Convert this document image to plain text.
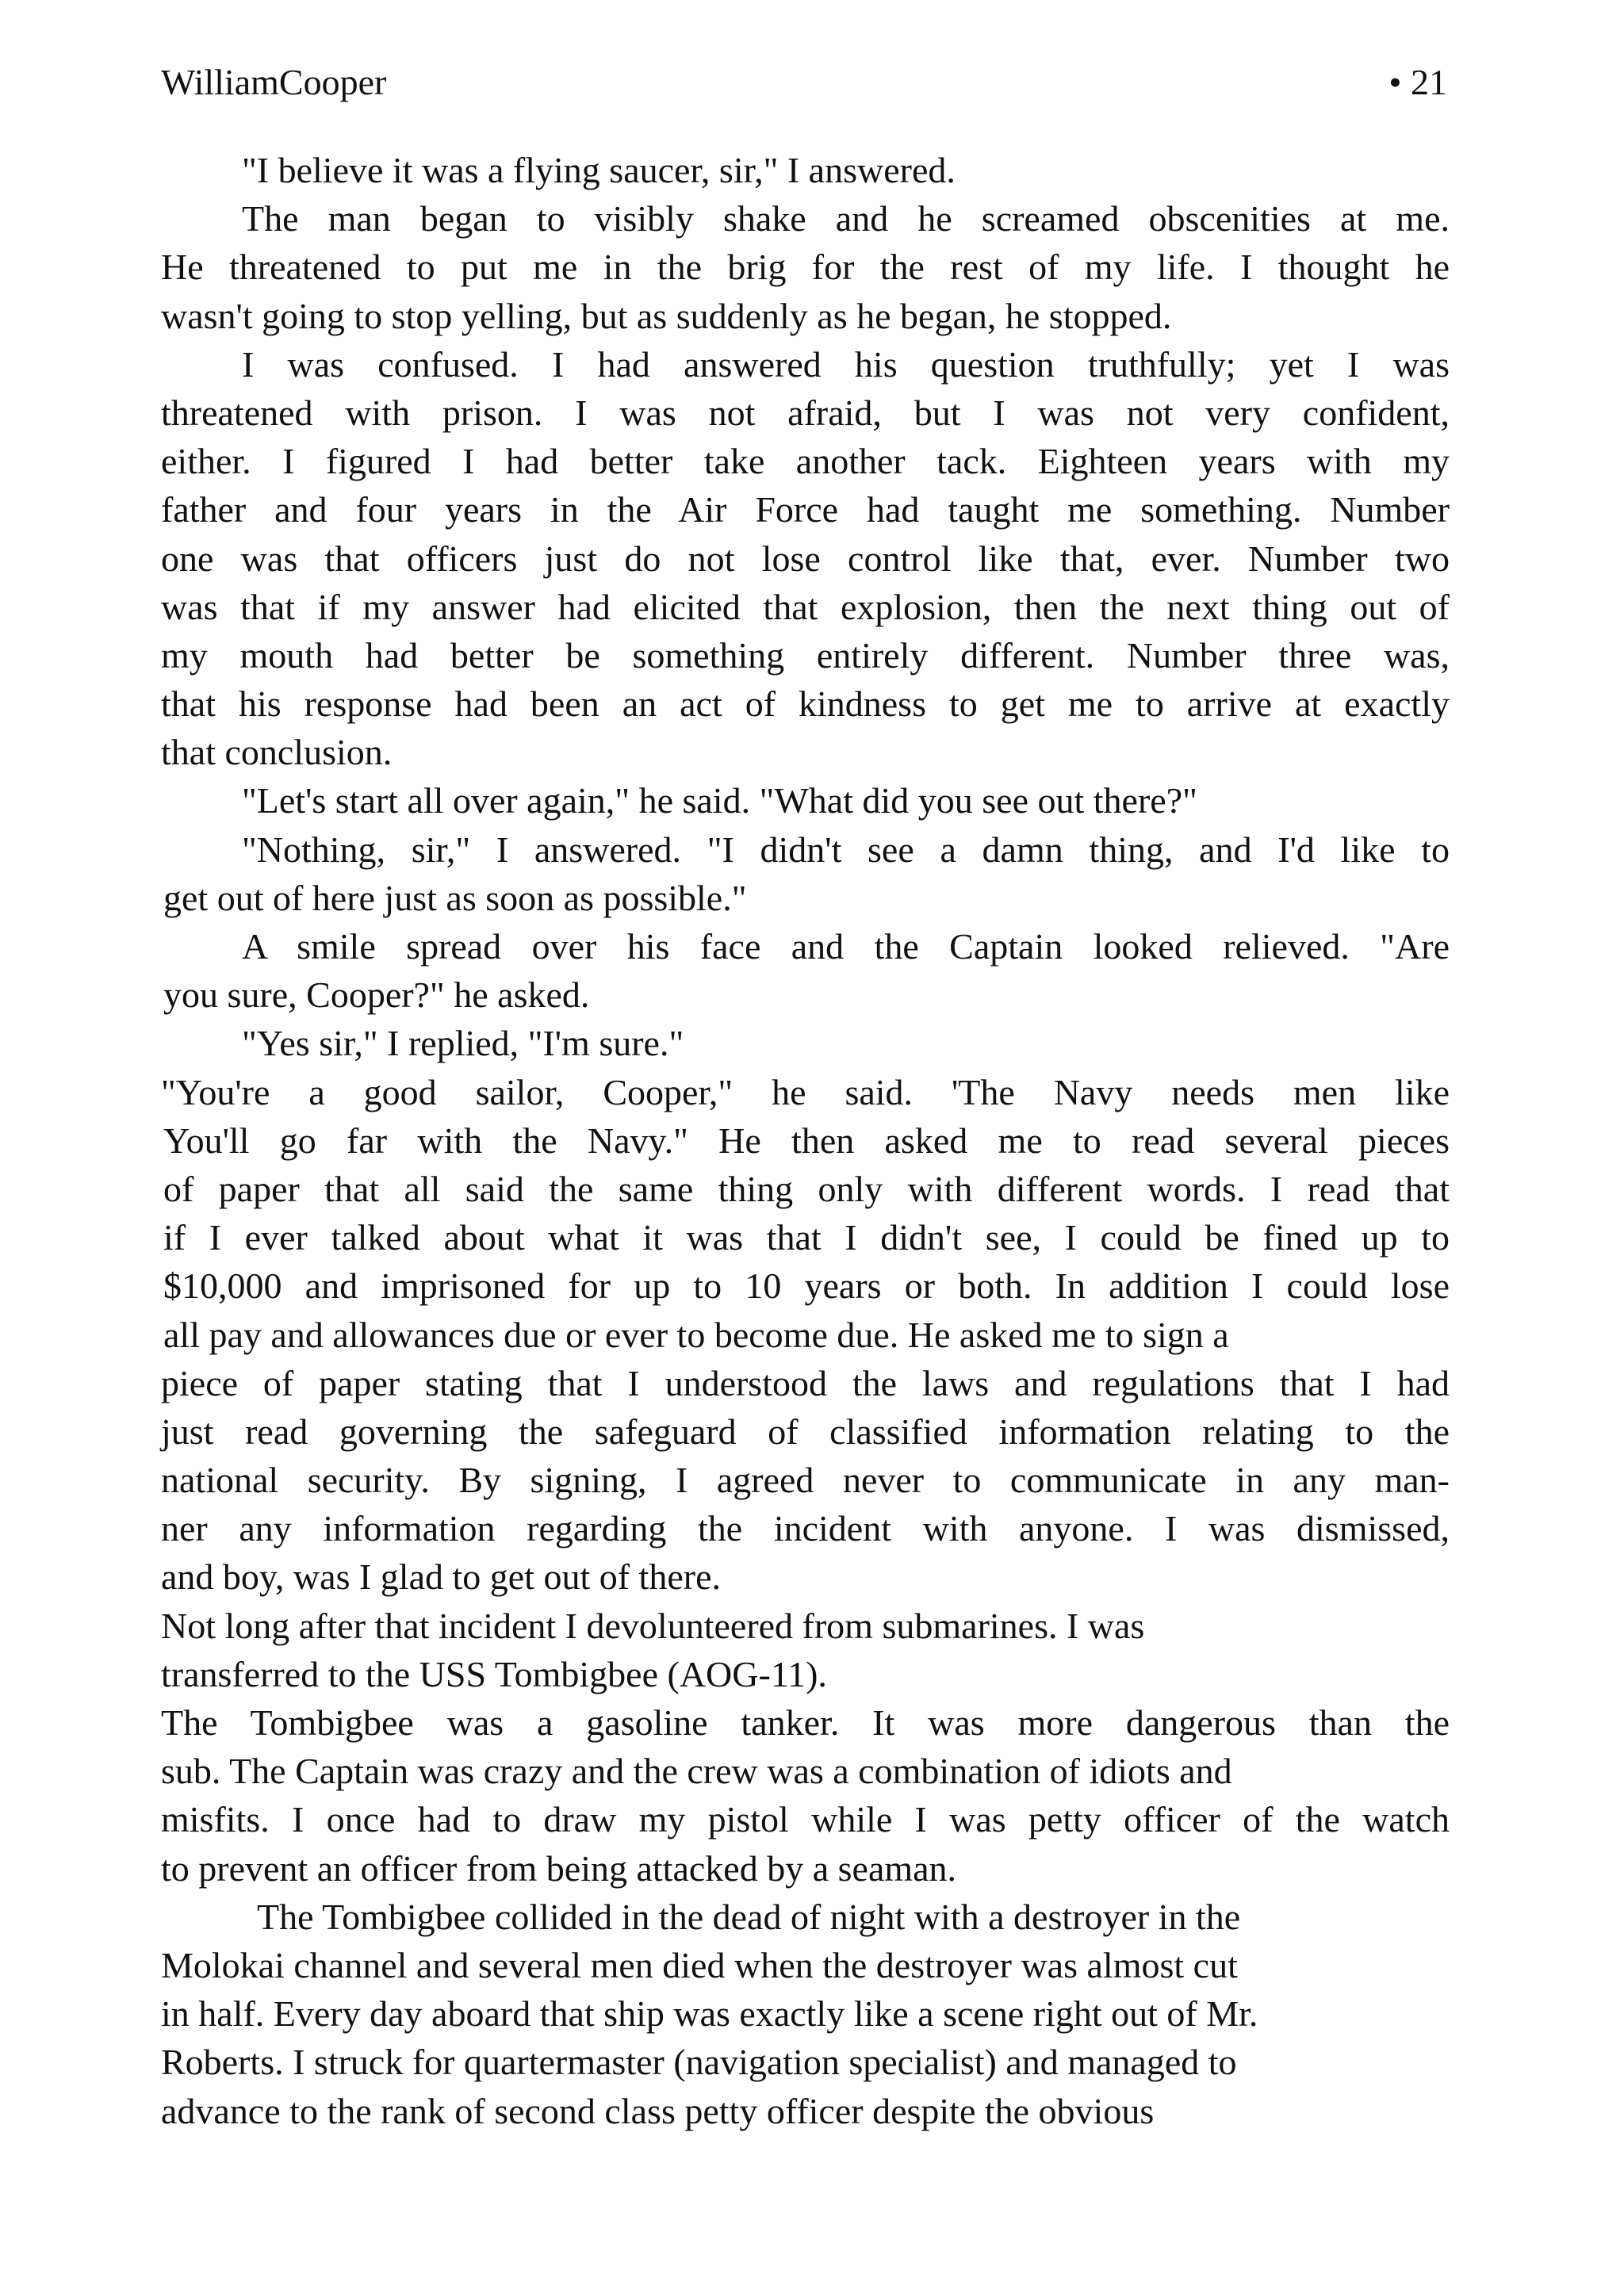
WilliamCooper	• 21
"I believe it was a flying saucer, sir," I answered.
The man began to visibly shake and he screamed obscenities at me.
He threatened to put me in the brig for the rest of my life. I thought he
wasn't going to stop yelling, but as suddenly as he began, he stopped.
I was confused. I had answered his question truthfully; yet I was
threatened with prison. I was not afraid, but I was not very confident,
either. I figured I had better take another tack. Eighteen years with my
father and four years in the Air Force had taught me something. Number
one was that officers just do not lose control like that, ever. Number two
was that if my answer had elicited that explosion, then the next thing out of
my mouth had better be something entirely different. Number three was,
that his response had been an act of kindness to get me to arrive at exactly
that conclusion.
"Let's start all over again," he said. "What did you see out there?"
"Nothing, sir," I answered. "I didn't see a damn thing, and I'd like to
get out of here just as soon as possible."
A smile spread over his face and the Captain looked relieved. "Are
you sure, Cooper?" he asked.
"Yes sir," I replied, "I'm sure."
"You're a good sailor, Cooper," he said. 'The Navy needs men like
You'll go far with the Navy." He then asked me to read several pieces
of paper that all said the same thing only with different words. I read that
if I ever talked about what it was that I didn't see, I could be fined up to
$10,000 and imprisoned for up to 10 years or both. In addition I could lose
all pay and allowances due or ever to become due. He asked me to sign a
piece of paper stating that I understood the laws and regulations that I had
just read governing the safeguard of classified information relating to the
national security. By signing, I agreed never to communicate in any man-
ner any information regarding the incident with anyone. I was dismissed,
and boy, was I glad to get out of there.
Not long after that incident I devolunteered from submarines. I was
transferred to the USS Tombigbee (AOG-11).
The Tombigbee was a gasoline tanker. It was more dangerous than the
sub. The Captain was crazy and the crew was a combination of idiots and
misfits. I once had to draw my pistol while I was petty officer of the watch
to prevent an officer from being attacked by a seaman.
The Tombigbee collided in the dead of night with a destroyer in the
Molokai channel and several men died when the destroyer was almost cut
in half. Every day aboard that ship was exactly like a scene right out of Mr.
Roberts. I struck for quartermaster (navigation specialist) and managed to
advance to the rank of second class petty officer despite the obvious
